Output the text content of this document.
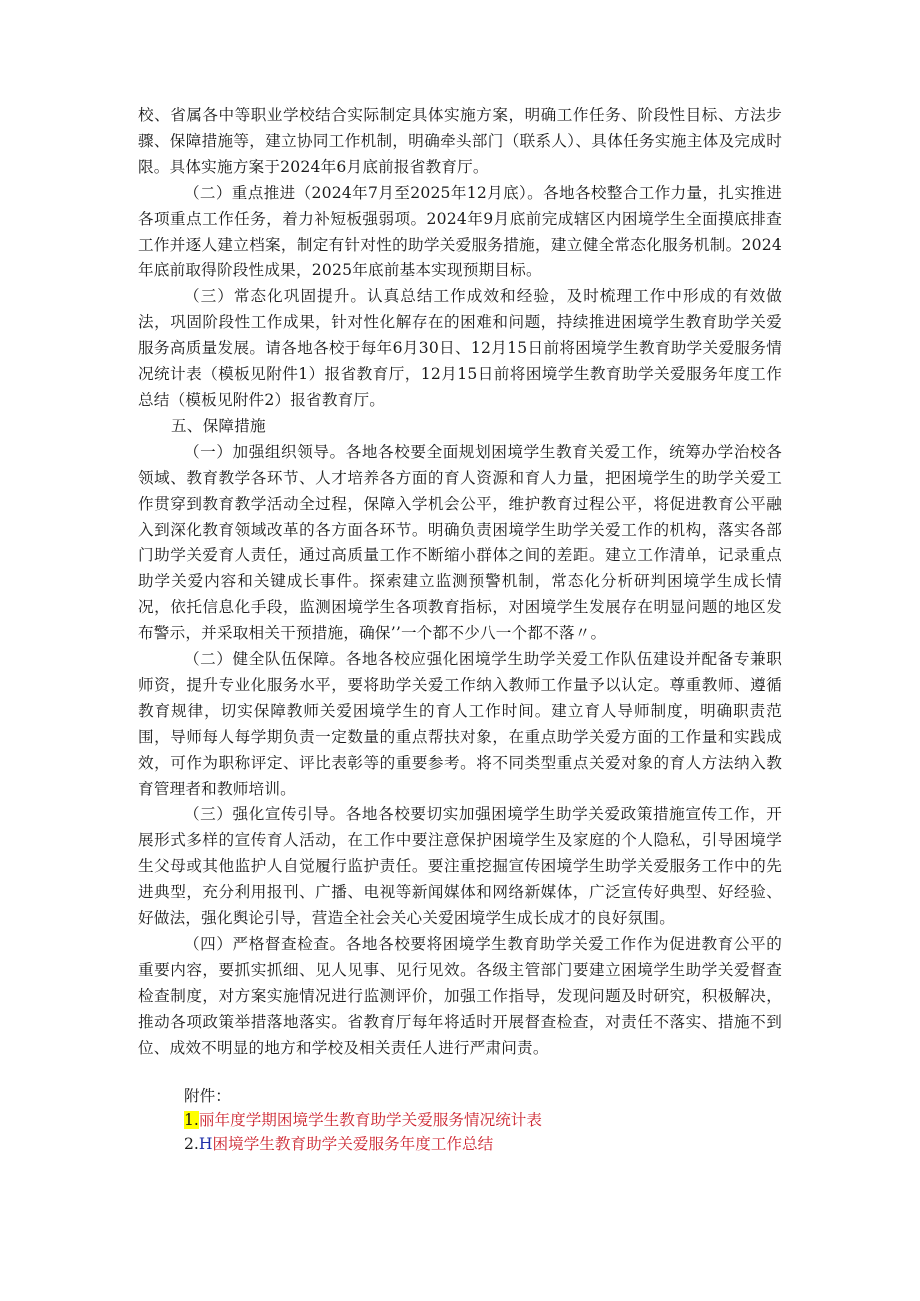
校、省属各中等职业学校结合实际制定具体实施方案，明确工作任务、阶段性目标、方法步骤、保障措施等，建立协同工作机制，明确牵头部门（联系人）、具体任务实施主体及完成时限。具体实施方案于2024年6月底前报省教育厅。

（二）重点推进（2024年7月至2025年12月底）。各地各校整合工作力量，扎实推进各项重点工作任务，着力补短板强弱项。2024年9月底前完成辖区内困境学生全面摸底排查工作并逐人建立档案，制定有针对性的助学关爱服务措施，建立健全常态化服务机制。2024年底前取得阶段性成果，2025年底前基本实现预期目标。

（三）常态化巩固提升。认真总结工作成效和经验，及时梳理工作中形成的有效做法，巩固阶段性工作成果，针对性化解存在的困难和问题，持续推进困境学生教育助学关爱服务高质量发展。请各地各校于每年6月30日、12月15日前将困境学生教育助学关爱服务情况统计表（模板见附件1）报省教育厅，12月15日前将困境学生教育助学关爱服务年度工作总结（模板见附件2）报省教育厅。

五、保障措施

（一）加强组织领导。各地各校要全面规划困境学生教育关爱工作，统筹办学治校各领域、教育教学各环节、人才培养各方面的育人资源和育人力量，把困境学生的助学关爱工作贯穿到教育教学活动全过程，保障入学机会公平，维护教育过程公平，将促进教育公平融入到深化教育领域改革的各方面各环节。明确负责困境学生助学关爱工作的机构，落实各部门助学关爱育人责任，通过高质量工作不断缩小群体之间的差距。建立工作清单，记录重点助学关爱内容和关键成长事件。探索建立监测预警机制，常态化分析研判困境学生成长情况，依托信息化手段，监测困境学生各项教育指标，对困境学生发展存在明显问题的地区发布警示，并采取相关干预措施，确保’’一个都不少八一个都不落〃。

（二）健全队伍保障。各地各校应强化困境学生助学关爱工作队伍建设并配备专兼职师资，提升专业化服务水平，要将助学关爱工作纳入教师工作量予以认定。尊重教师、遵循教育规律，切实保障教师关爱困境学生的育人工作时间。建立育人导师制度，明确职责范围，导师每人每学期负责一定数量的重点帮扶对象，在重点助学关爱方面的工作量和实践成效，可作为职称评定、评比表彰等的重要参考。将不同类型重点关爱对象的育人方法纳入教育管理者和教师培训。

（三）强化宣传引导。各地各校要切实加强困境学生助学关爱政策措施宣传工作，开展形式多样的宣传育人活动，在工作中要注意保护困境学生及家庭的个人隐私，引导困境学生父母或其他监护人自觉履行监护责任。要注重挖掘宣传困境学生助学关爱服务工作中的先进典型，充分利用报刊、广播、电视等新闻媒体和网络新媒体，广泛宣传好典型、好经验、好做法，强化舆论引导，营造全社会关心关爱困境学生成长成才的良好氛围。

（四）严格督查检查。各地各校要将困境学生教育助学关爱工作作为促进教育公平的重要内容，要抓实抓细、见人见事、见行见效。各级主管部门要建立困境学生助学关爱督查检查制度，对方案实施情况进行监测评价，加强工作指导，发现问题及时研究，积极解决，推动各项政策举措落地落实。省教育厅每年将适时开展督查检查，对责任不落实、措施不到位、成效不明显的地方和学校及相关责任人进行严肃问责。

附件：
1.丽年度学期困境学生教育助学关爱服务情况统计表
2.H困境学生教育助学关爱服务年度工作总结
